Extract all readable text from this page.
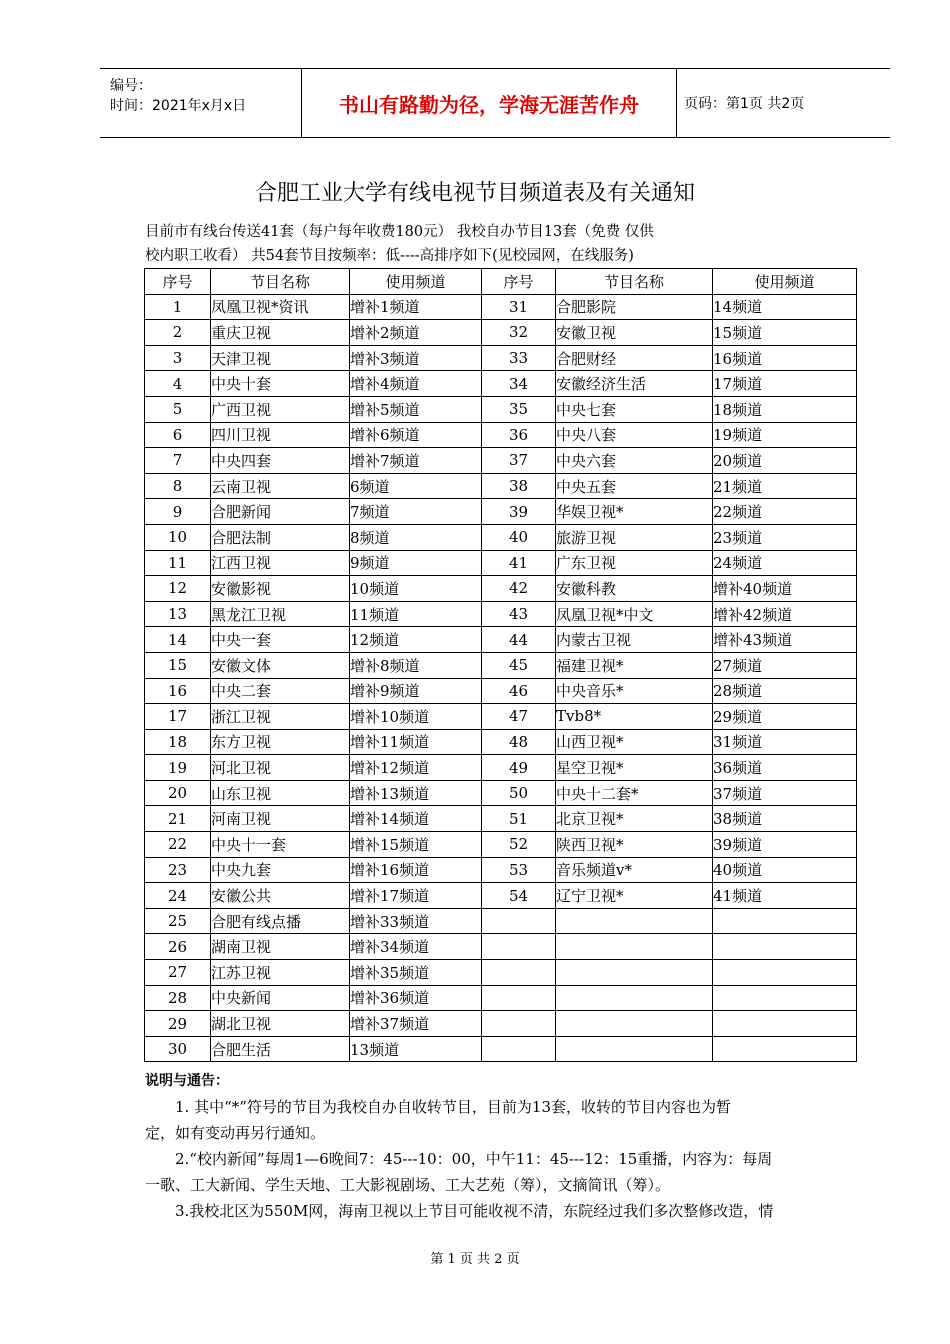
编号：
时间：2021年x月x日	书山有路勤为径，学海无涯苦作舟	页码：第1页 共2页
合肥工业大学有线电视节目频道表及有关通知
目前市有线台传送41套（每户每年收费180元） 我校自办节目13套（免费 仅供
校内职工收看） 共54套节目按频率：低----高排序如下(见校园网，在线服务)
序号	节目名称	使用频道	序号	节目名称	使用频道
1	凤凰卫视*资讯	增补1频道	31	合肥影院	14频道
2	重庆卫视	增补2频道	32	安徽卫视	15频道
3	天津卫视	增补3频道	33	合肥财经	16频道
4	中央十套	增补4频道	34	安徽经济生活	17频道
5	广西卫视	增补5频道	35	中央七套	18频道
6	四川卫视	增补6频道	36	中央八套	19频道
7	中央四套	增补7频道	37	中央六套	20频道
8	云南卫视	6频道	38	中央五套	21频道
9	合肥新闻	7频道	39	华娱卫视*	22频道
10	合肥法制	8频道	40	旅游卫视	23频道
11	江西卫视	9频道	41	广东卫视	24频道
12	安徽影视	10频道	42	安徽科教	增补40频道
13	黑龙江卫视	11频道	43	凤凰卫视*中文	增补42频道
14	中央一套	12频道	44	内蒙古卫视	增补43频道
15	安徽文体	增补8频道	45	福建卫视*	27频道
16	中央二套	增补9频道	46	中央音乐*	28频道
17	浙江卫视	增补10频道	47	Tvb8*	29频道
18	东方卫视	增补11频道	48	山西卫视*	31频道
19	河北卫视	增补12频道	49	星空卫视*	36频道
20	山东卫视	增补13频道	50	中央十二套*	37频道
21	河南卫视	增补14频道	51	北京卫视*	38频道
22	中央十一套	增补15频道	52	陕西卫视*	39频道
23	中央九套	增补16频道	53	音乐频道v*	40频道
24	安徽公共	增补17频道	54	辽宁卫视*	41频道
25	合肥有线点播	增补33频道			
26	湖南卫视	增补34频道			
27	江苏卫视	增补35频道			
28	中央新闻	增补36频道			
29	湖北卫视	增补37频道			
30	合肥生活	13频道			

说明与通告：

1. 其中“*”符号的节目为我校自办自收转节目，目前为13套，收转的节目内容也为暂

定，如有变动再另行通知。

2.“校内新闻”每周1—6晚间7：45---10：00，中午11：45---12：15重播，内容为：每周

一歌、工大新闻、学生天地、工大影视剧场、工大艺苑（筹），文摘简讯（筹）。

3.我校北区为550M网，海南卫视以上节目可能收视不清，东院经过我们多次整修改造，情

第 1 页 共 2 页
